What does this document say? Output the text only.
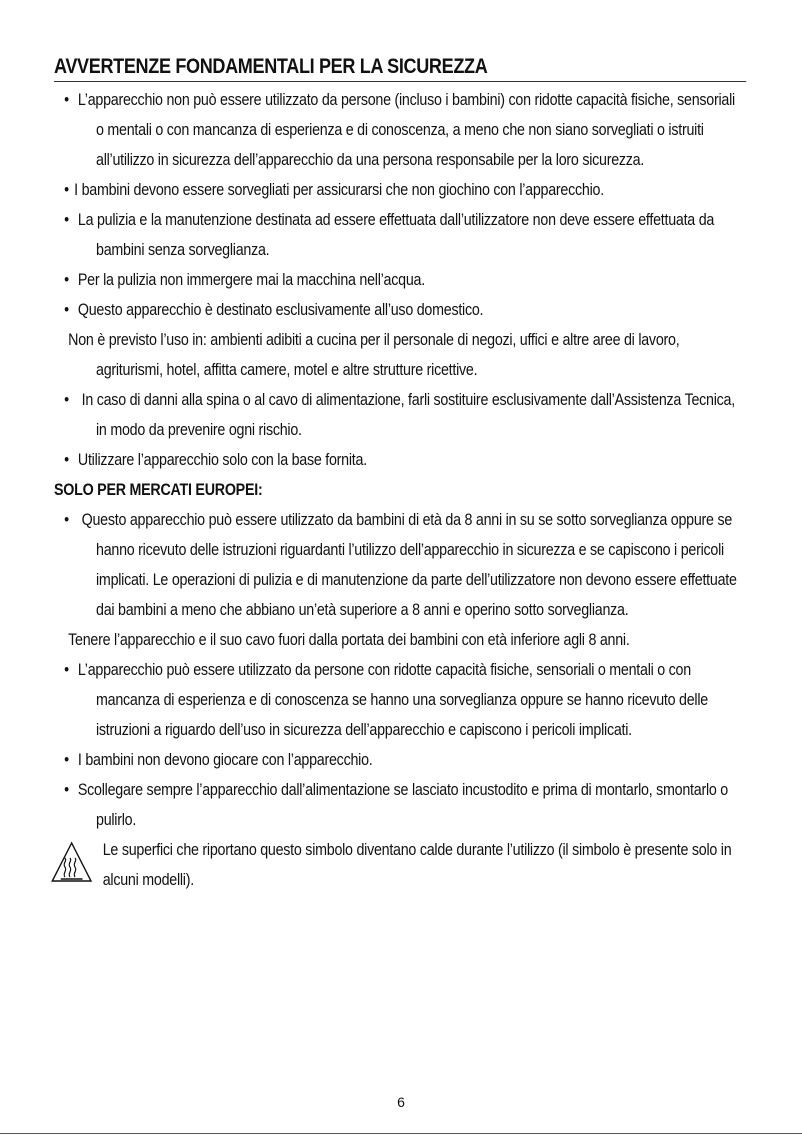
AVVERTENZE FONDAMENTALI PER LA SICUREZZA

• L’apparecchio non può essere utilizzato da persone (incluso i bambini) con ridotte capacità fisiche, sensoriali o mentali o con mancanza di esperienza e di conoscenza, a meno che non siano sorvegliati o istruiti all’utilizzo in sicurezza dell’apparecchio da una persona responsabile per la loro sicurezza.

• I bambini devono essere sorvegliati per assicurarsi che non giochino con l’apparecchio.

• La pulizia e la manutenzione destinata ad essere effettuata dall’utilizzatore non deve essere effettuata da bambini senza sorveglianza.

• Per la pulizia non immergere mai la macchina nell’acqua.

• Questo apparecchio è destinato esclusivamente all’uso domestico.

Non è previsto l’uso in: ambienti adibiti a cucina per il personale di negozi, uffici e altre aree di lavoro, agriturismi, hotel, affitta camere, motel e altre strutture ricettive.

• In caso di danni alla spina o al cavo di alimentazione, farli sostituire esclusivamente dall’Assistenza Tecnica, in modo da prevenire ogni rischio.

• Utilizzare l’apparecchio solo con la base fornita.

SOLO PER MERCATI EUROPEI:

• Questo apparecchio può essere utilizzato da bambini di età da 8 anni in su se sotto sorveglianza oppure se hanno ricevuto delle istruzioni riguardanti l’utilizzo dell’apparecchio in sicurezza e se capiscono i pericoli implicati. Le operazioni di pulizia e di manutenzione da parte dell’utilizzatore non devono essere effettuate dai bambini a meno che abbiano un’età superiore a 8 anni e operino sotto sorveglianza.

Tenere l’apparecchio e il suo cavo fuori dalla portata dei bambini con età inferiore agli 8 anni.

• L’apparecchio può essere utilizzato da persone con ridotte capacità fisiche, sensoriali o mentali o con mancanza di esperienza e di conoscenza se hanno una sorveglianza oppure se hanno ricevuto delle istruzioni a riguardo dell’uso in sicurezza dell’apparecchio e capiscono i pericoli implicati.

• I bambini non devono giocare con l’apparecchio.

• Scollegare sempre l’apparecchio dall’alimentazione se lasciato incustodito e prima di montarlo, smontarlo o pulirlo.

Le superfici che riportano questo simbolo diventano calde durante l’utilizzo (il simbolo è presente solo in alcuni modelli).

6
